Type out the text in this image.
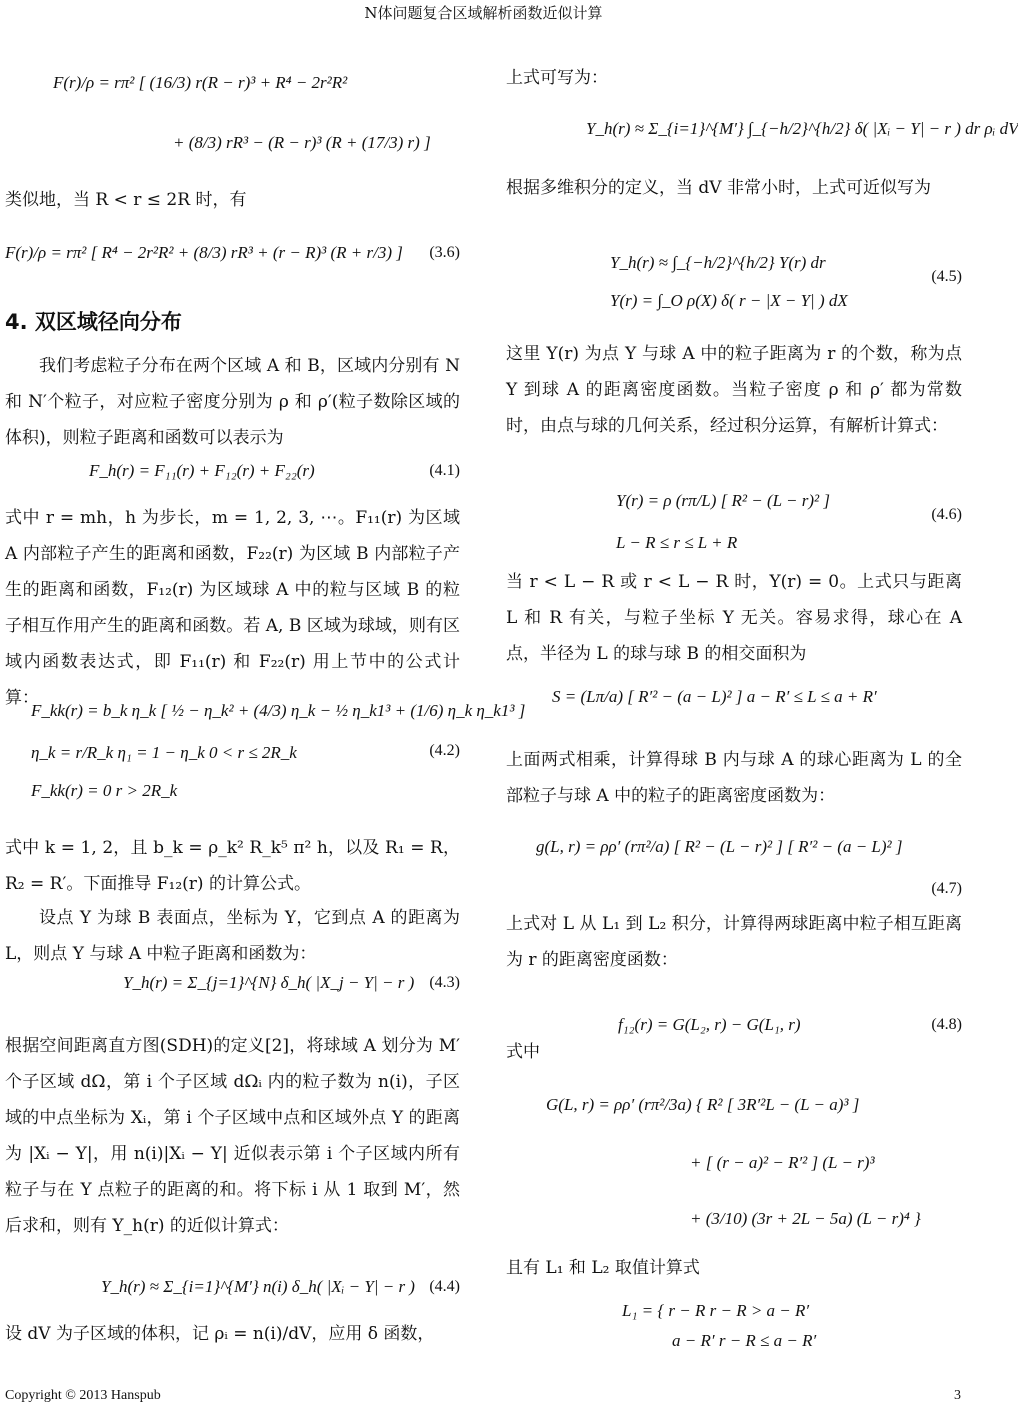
N体问题复合区域解析函数近似计算
F(r)/ρ = rπ² [ (16/3) r(R − r)³ + R⁴ − 2r²R²
+ (8/3) rR³ − (R − r)³ (R + (17/3) r) ]

类似地，当 R < r ≤ 2R 时，有

F(r)/ρ = rπ² [ R⁴ − 2r²R² + (8/3) rR³ + (r − R)³ (R + r/3) ] (3.6)
4. 双区域径向分布

我们考虑粒子分布在两个区域 A 和 B，区域内分别有 N 和 N′个粒子，对应粒子密度分别为 ρ 和 ρ′(粒子数除区域的体积)，则粒子距离和函数可以表示为

F_h(r) = F₁₁(r) + F₁₂(r) + F₂₂(r)	(4.1)

式中 r = mh，h 为步长，m = 1, 2, 3, ⋯。F₁₁(r) 为区域 A 内部粒子产生的距离和函数，F₂₂(r) 为区域 B 内部粒子产生的距离和函数，F₁₂(r) 为区域球 A 中的粒与区域 B 的粒子相互作用产生的距离和函数。若 A, B 区域为球域，则有区域内函数表达式，即 F₁₁(r) 和 F₂₂(r) 用上节中的公式计算：

F_kk(r) = b_k η_k [ ½ − η_k² + (4/3) η_k − ½ η_k1³ + (1/6) η_k η_k1³ ]
η_k = r/R_k η₁ = 1 − η_k 0 < r ≤ 2R_k
F_kk(r) = 0 r > 2R_k
(4.2)

式中 k = 1, 2，且 b_k = ρ_k² R_k⁵ π² h，以及 R₁ = R，R₂ = R′。下面推导 F₁₂(r) 的计算公式。

设点 Y 为球 B 表面点，坐标为 Y，它到点 A 的距离为 L，则点 Y 与球 A 中粒子距离和函数为：

Y_h(r) = Σ_{j=1}^{N} δ_h( |X_j − Y| − r ) (4.3)

根据空间距离直方图(SDH)的定义[2]，将球域 A 划分为 M′个子区域 dΩ，第 i 个子区域 dΩᵢ 内的粒子数为 n(i)，子区域的中点坐标为 Xᵢ，第 i 个子区域中点和区域外点 Y 的距离为 |Xᵢ − Y|，用 n(i)|Xᵢ − Y| 近似表示第 i 个子区域内所有粒子与在 Y 点粒子的距离的和。将下标 i 从 1 取到 M′，然后求和，则有 Y_h(r) 的近似计算式：

Y_h(r) ≈ Σ_{i=1}^{M′} n(i) δ_h( |Xᵢ − Y| − r ) (4.4)

设 dV 为子区域的体积，记 ρᵢ = n(i)/dV，应用 δ 函数，

上式可写为：

Y_h(r) ≈ Σ_{i=1}^{M′} ∫_{−h/2}^{h/2} δ( |Xᵢ − Y| − r ) dr ρᵢ dV

根据多维积分的定义，当 dV 非常小时，上式可近似写为

Y_h(r) ≈ ∫_{−h/2}^{h/2} Y(r) dr
Y(r) = ∫_O ρ(X) δ( r − |X − Y| ) dX
(4.5)

这里 Y(r) 为点 Y 与球 A 中的粒子距离为 r 的个数，称为点 Y 到球 A 的距离密度函数。当粒子密度 ρ 和 ρ′ 都为常数时，由点与球的几何关系，经过积分运算，有解析计算式：

Y(r) = ρ (rπ/L) [ R² − (L − r)² ]
L − R ≤ r ≤ L + R
(4.6)

当 r < L − R 或 r < L − R 时，Y(r) = 0。上式只与距离 L 和 R 有关，与粒子坐标 Y 无关。容易求得，球心在 A 点，半径为 L 的球与球 B 的相交面积为

S = (Lπ/a) [ R′² − (a − L)² ] a − R′ ≤ L ≤ a + R′

上面两式相乘，计算得球 B 内与球 A 的球心距离为 L 的全部粒子与球 A 中的粒子的距离密度函数为：

g(L, r) = ρρ′ (rπ²/a) [ R² − (L − r)² ] [ R′² − (a − L)² ]
(4.7)

上式对 L 从 L₁ 到 L₂ 积分，计算得两球距离中粒子相互距离为 r 的距离密度函数：

f₁₂(r) = G(L₂, r) − G(L₁, r)	(4.8)

式中

G(L, r) = ρρ′ (rπ²/3a) { R² [ 3R′²L − (L − a)³ ]
+ [ (r − a)² − R′² ] (L − r)³
+ (3/10) (3r + 2L − 5a) (L − r)⁴ }

且有 L₁ 和 L₂ 取值计算式

L₁ = { r − R r − R > a − R′
a − R′ r − R ≤ a − R′
Copyright © 2013 Hanspub	3
